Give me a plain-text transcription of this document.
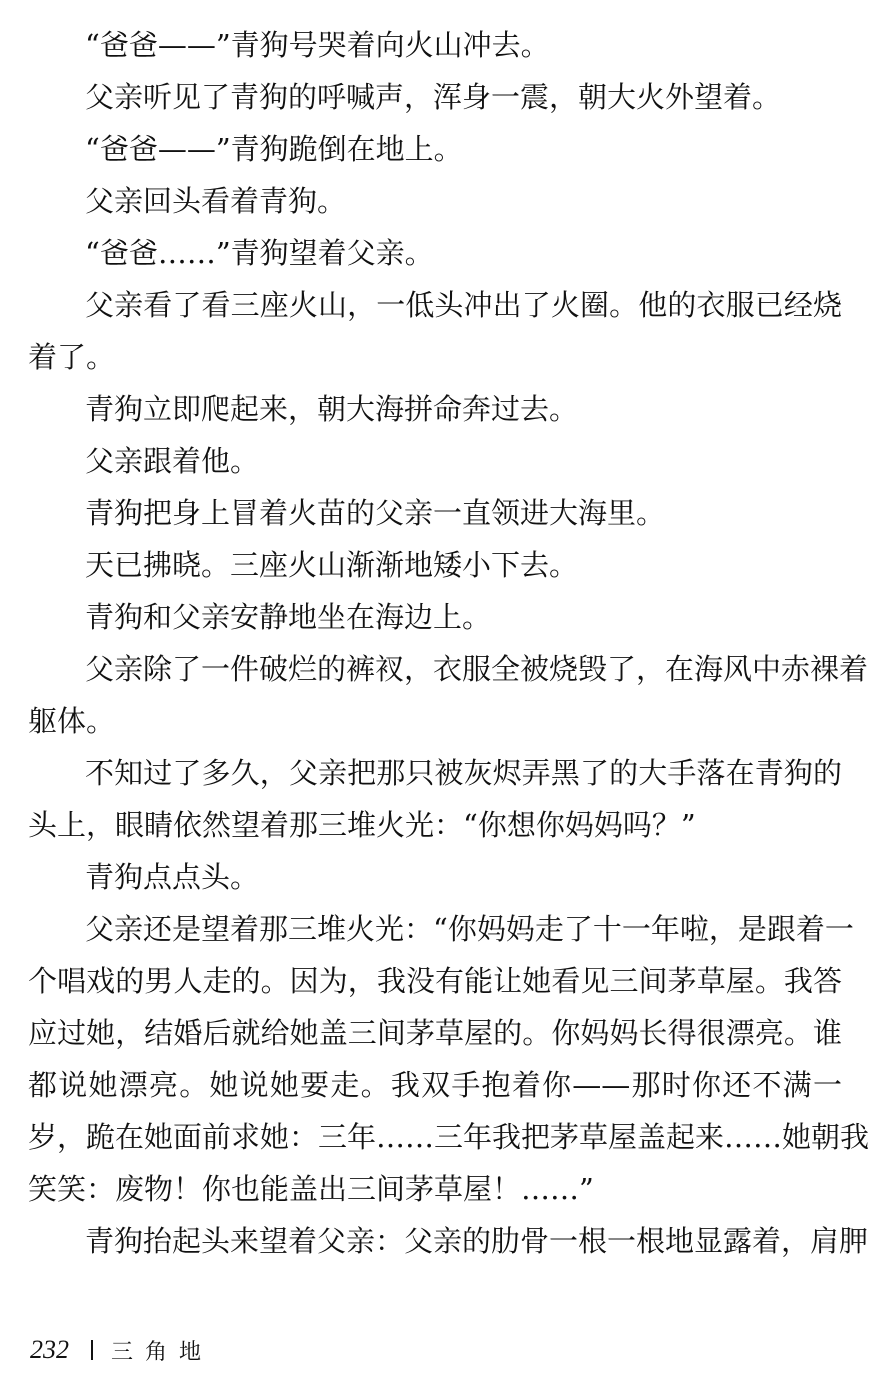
“爸爸——”青狗号哭着向火山冲去。
父亲听见了青狗的呼喊声，浑身一震，朝大火外望着。
“爸爸——”青狗跪倒在地上。
父亲回头看着青狗。
“爸爸……”青狗望着父亲。
父亲看了看三座火山，一低头冲出了火圈。他的衣服已经烧
着了。
青狗立即爬起来，朝大海拼命奔过去。
父亲跟着他。
青狗把身上冒着火苗的父亲一直领进大海里。
天已拂晓。三座火山渐渐地矮小下去。
青狗和父亲安静地坐在海边上。
父亲除了一件破烂的裤衩，衣服全被烧毁了，在海风中赤裸着
躯体。
不知过了多久，父亲把那只被灰烬弄黑了的大手落在青狗的
头上，眼睛依然望着那三堆火光：“你想你妈妈吗？”
青狗点点头。
父亲还是望着那三堆火光：“你妈妈走了十一年啦，是跟着一
个唱戏的男人走的。因为，我没有能让她看见三间茅草屋。我答
应过她，结婚后就给她盖三间茅草屋的。你妈妈长得很漂亮。谁
都说她漂亮。她说她要走。我双手抱着你——那时你还不满一
岁，跪在她面前求她：三年……三年我把茅草屋盖起来……她朝我
笑笑：废物！你也能盖出三间茅草屋！……”
青狗抬起头来望着父亲：父亲的肋骨一根一根地显露着，肩胛
232 三角地
